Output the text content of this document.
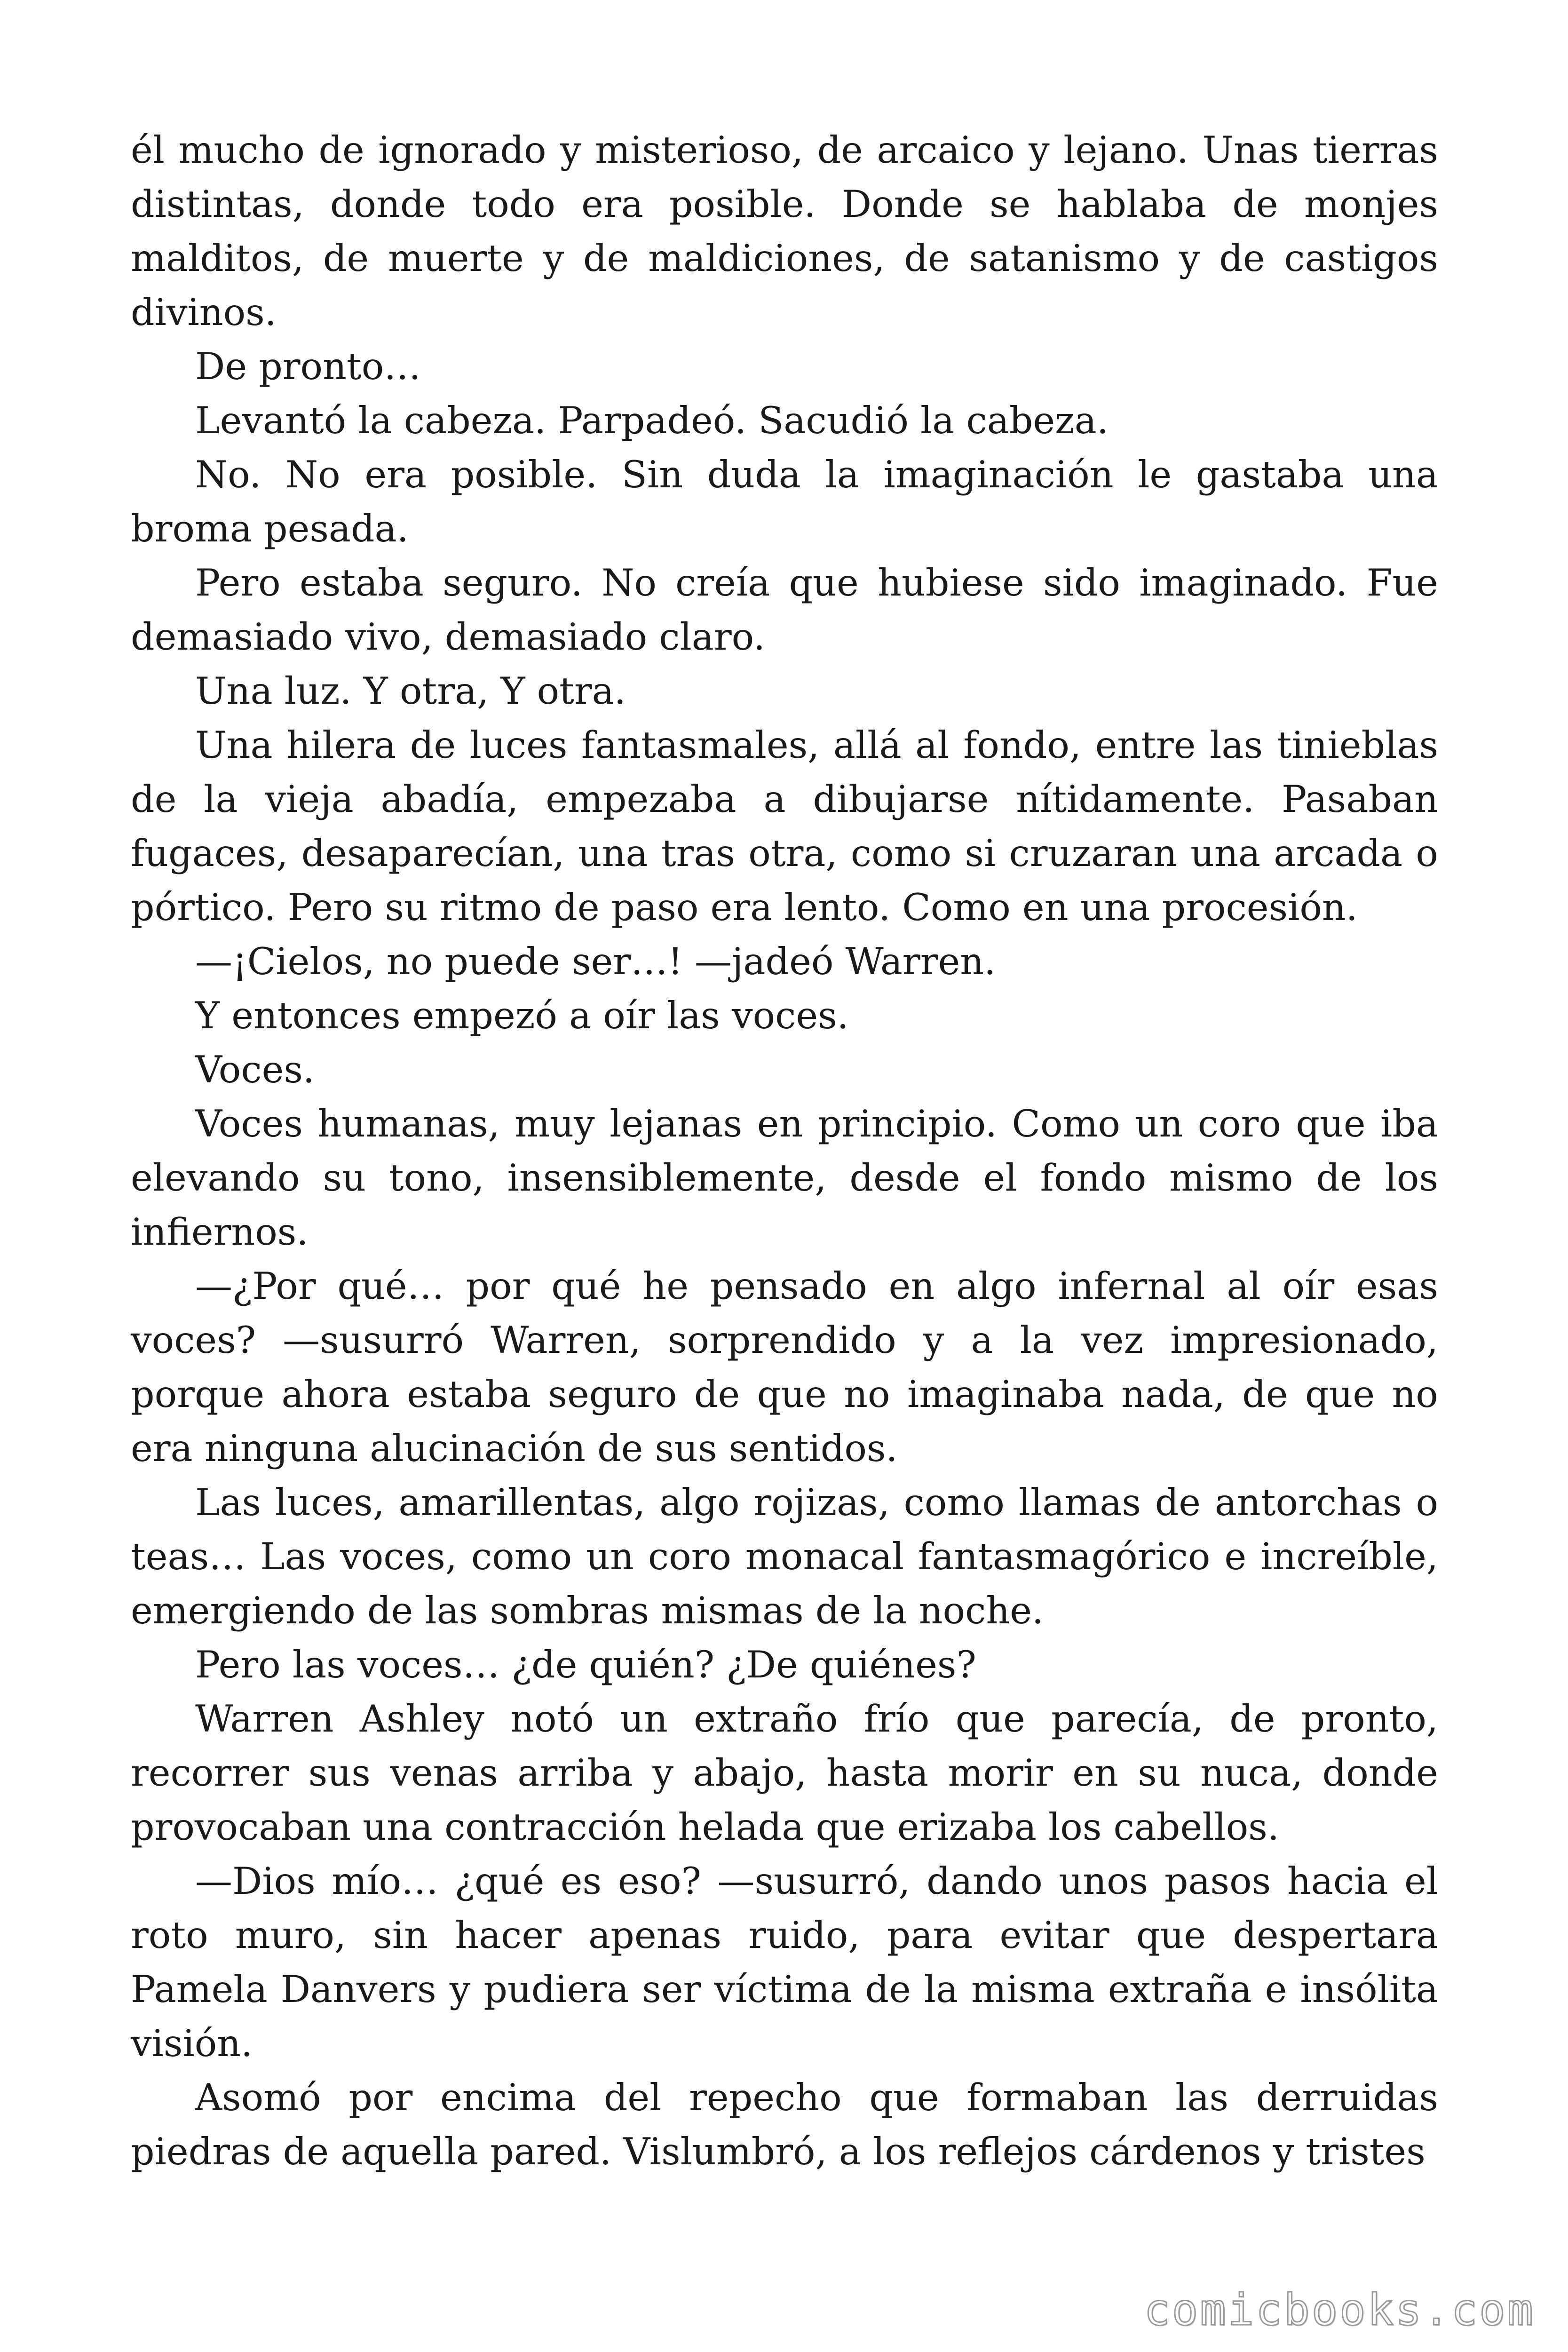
él mucho de ignorado y misterioso, de arcaico y lejano. Unas tierras distintas, donde todo era posible. Donde se hablaba de monjes malditos, de muerte y de maldiciones, de satanismo y de castigos divinos.

De pronto…

Levantó la cabeza. Parpadeó. Sacudió la cabeza.

No. No era posible. Sin duda la imaginación le gastaba una broma pesada.

Pero estaba seguro. No creía que hubiese sido imaginado. Fue demasiado vivo, demasiado claro.

Una luz. Y otra, Y otra.

Una hilera de luces fantasmales, allá al fondo, entre las tinieblas de la vieja abadía, empezaba a dibujarse nítidamente. Pasaban fugaces, desaparecían, una tras otra, como si cruzaran una arcada o pórtico. Pero su ritmo de paso era lento. Como en una procesión.

—¡Cielos, no puede ser…! —jadeó Warren.

Y entonces empezó a oír las voces.

Voces.

Voces humanas, muy lejanas en principio. Como un coro que iba elevando su tono, insensiblemente, desde el fondo mismo de los infiernos.

—¿Por qué… por qué he pensado en algo infernal al oír esas voces? —susurró Warren, sorprendido y a la vez impresionado, porque ahora estaba seguro de que no imaginaba nada, de que no era ninguna alucinación de sus sentidos.

Las luces, amarillentas, algo rojizas, como llamas de antorchas o teas… Las voces, como un coro monacal fantasmagórico e increíble, emergiendo de las sombras mismas de la noche.

Pero las voces… ¿de quién? ¿De quiénes?

Warren Ashley notó un extraño frío que parecía, de pronto, recorrer sus venas arriba y abajo, hasta morir en su nuca, donde provocaban una contracción helada que erizaba los cabellos.

—Dios mío… ¿qué es eso? —susurró, dando unos pasos hacia el roto muro, sin hacer apenas ruido, para evitar que despertara Pamela Danvers y pudiera ser víctima de la misma extraña e insólita visión.

Asomó por encima del repecho que formaban las derruidas piedras de aquella pared. Vislumbró, a los reflejos cárdenos y tristes

comicbooks.com
